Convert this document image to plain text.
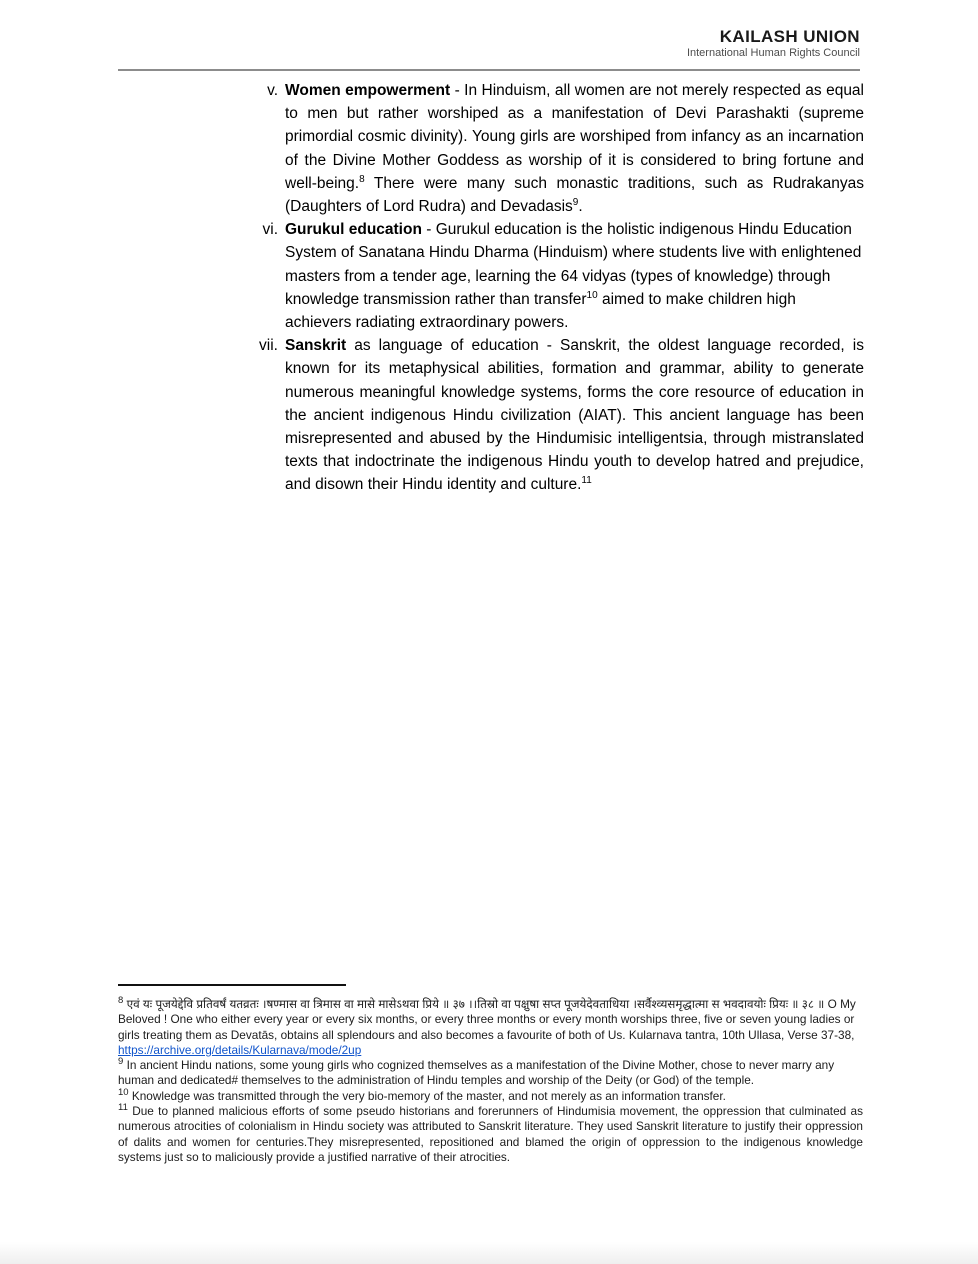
KAILASH UNION
International Human Rights Council
v. Women empowerment - In Hinduism, all women are not merely respected as equal to men but rather worshiped as a manifestation of Devi Parashakti (supreme primordial cosmic divinity). Young girls are worshiped from infancy as an incarnation of the Divine Mother Goddess as worship of it is considered to bring fortune and well-being.$^8$ There were many such monastic traditions, such as Rudrakanyas (Daughters of Lord Rudra) and Devadasis$^9$.

vi. Gurukul education - Gurukul education is the holistic indigenous Hindu Education System of Sanatana Hindu Dharma (Hinduism) where students live with enlightened masters from a tender age, learning the 64 vidyas (types of knowledge) through knowledge transmission rather than transfer$^{10}$ aimed to make children high achievers radiating extraordinary powers.

vii. Sanskrit as language of education - Sanskrit, the oldest language recorded, is known for its metaphysical abilities, formation and grammar, ability to generate numerous meaningful knowledge systems, forms the core resource of education in the ancient indigenous Hindu civilization (AIAT). This ancient language has been misrepresented and abused by the Hindumisic intelligentsia, through mistranslated texts that indoctrinate the indigenous Hindu youth to develop hatred and prejudice, and disown their Hindu identity and culture.$^{11}$

$^8$ एवं यः पूजयेद्देवि प्रतिवर्षं यतव्रतः ।षण्मास वा त्रिमास वा मासे मासेऽथवा प्रिये ॥ ३७ ।।तिस्रो वा पक्षुषा सप्त पूजयेदेवताधिया ।सर्वैश्व्यसमृद्धात्मा स भवदावयोः प्रियः ॥ ३८ ॥ O My Beloved ! One who either every year or every six months, or every three months or every month worships three, five or seven young ladies or girls treating them as Devatās, obtains all splendours and also becomes a favourite of both of Us. Kularnava tantra, 10th Ullasa, Verse 37-38, https://archive.org/details/Kularnava/mode/2up

$^9$ In ancient Hindu nations, some young girls who cognized themselves as a manifestation of the Divine Mother, chose to never marry any human and dedicated# themselves to the administration of Hindu temples and worship of the Deity (or God) of the temple.

$^{10}$ Knowledge was transmitted through the very bio-memory of the master, and not merely as an information transfer.

$^{11}$ Due to planned malicious efforts of some pseudo historians and forerunners of Hindumisia movement, the oppression that culminated as numerous atrocities of colonialism in Hindu society was attributed to Sanskrit literature. They used Sanskrit literature to justify their oppression of dalits and women for centuries.They misrepresented, repositioned and blamed the origin of oppression to the indigenous knowledge systems just so to maliciously provide a justified narrative of their atrocities.
